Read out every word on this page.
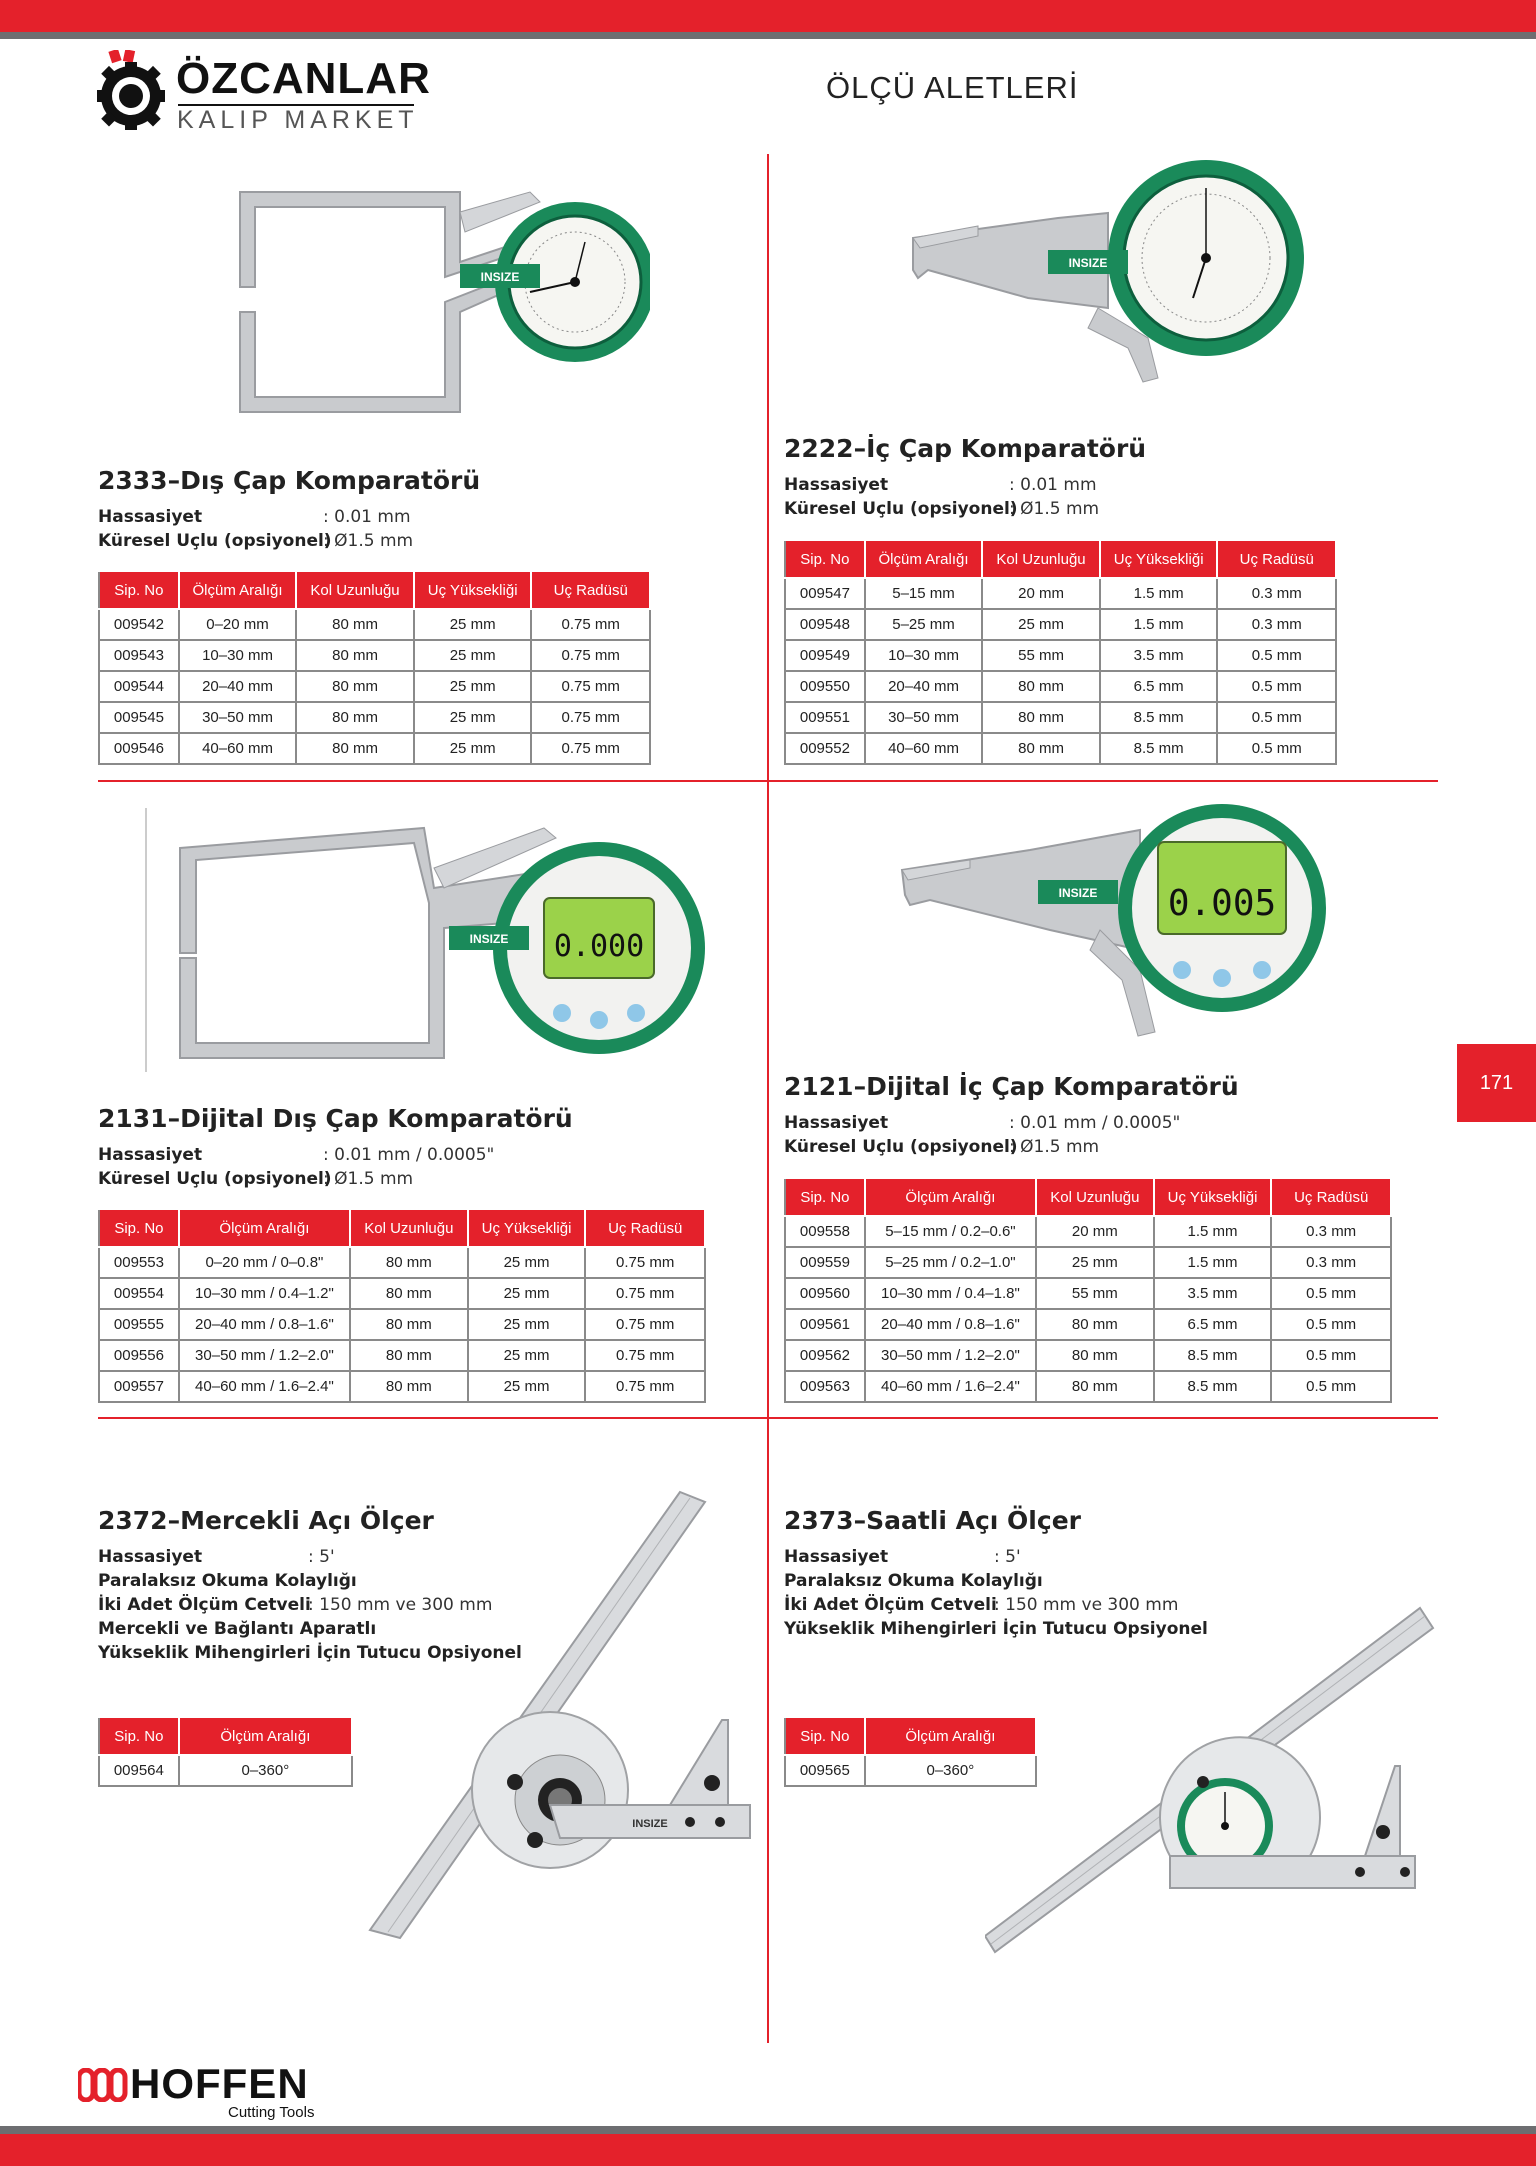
ÖZCANLAR
KALIP MARKET
ÖLÇÜ ALETLERİ
171
INSIZE
2333–Dış Çap Komparatörü
Hassasiyet	: 0.01 mm
Küresel Uçlu (opsiyonel)
: Ø1.5 mm
Sip. No	Ölçüm Aralığı	Kol Uzunluğu	Uç Yüksekliği	Uç Radüsü
009542	0–20 mm	80 mm	25 mm	0.75 mm
009543	10–30 mm	80 mm	25 mm	0.75 mm
009544	20–40 mm	80 mm	25 mm	0.75 mm
009545	30–50 mm	80 mm	25 mm	0.75 mm
009546	40–60 mm	80 mm	25 mm	0.75 mm
INSIZE
2222–İç Çap Komparatörü
Hassasiyet	: 0.01 mm
Küresel Uçlu (opsiyonel)
: Ø1.5 mm
Sip. No	Ölçüm Aralığı	Kol Uzunluğu	Uç Yüksekliği	Uç Radüsü
009547	5–15 mm	20 mm	1.5 mm	0.3 mm
009548	5–25 mm	25 mm	1.5 mm	0.3 mm
009549	10–30 mm	55 mm	3.5 mm	0.5 mm
009550	20–40 mm	80 mm	6.5 mm	0.5 mm
009551	30–50 mm	80 mm	8.5 mm	0.5 mm
009552	40–60 mm	80 mm	8.5 mm	0.5 mm
0.000
INSIZE
2131–Dijital Dış Çap Komparatörü
Hassasiyet	: 0.01 mm / 0.0005"
Küresel Uçlu (opsiyonel)
: Ø1.5 mm
Sip. No	Ölçüm Aralığı	Kol Uzunluğu	Uç Yüksekliği	Uç Radüsü
009553	0–20 mm / 0–0.8"	80 mm	25 mm	0.75 mm
009554	10–30 mm / 0.4–1.2"	80 mm	25 mm	0.75 mm
009555	20–40 mm / 0.8–1.6"	80 mm	25 mm	0.75 mm
009556	30–50 mm / 1.2–2.0"	80 mm	25 mm	0.75 mm
009557	40–60 mm / 1.6–2.4"	80 mm	25 mm	0.75 mm
0.005
INSIZE
2121–Dijital İç Çap Komparatörü
Hassasiyet	: 0.01 mm / 0.0005"
Küresel Uçlu (opsiyonel)
: Ø1.5 mm
Sip. No	Ölçüm Aralığı	Kol Uzunluğu	Uç Yüksekliği	Uç Radüsü
009558	5–15 mm / 0.2–0.6"	20 mm	1.5 mm	0.3 mm
009559	5–25 mm / 0.2–1.0"	25 mm	1.5 mm	0.3 mm
009560	10–30 mm / 0.4–1.8"	55 mm	3.5 mm	0.5 mm
009561	20–40 mm / 0.8–1.6"	80 mm	6.5 mm	0.5 mm
009562	30–50 mm / 1.2–2.0"	80 mm	8.5 mm	0.5 mm
009563	40–60 mm / 1.6–2.4"	80 mm	8.5 mm	0.5 mm
INSIZE
2372–Mercekli Açı Ölçer
Hassasiyet	: 5'
Paralaksız Okuma Kolaylığı
İki Adet Ölçüm Cetveli
: 150 mm ve 300 mm
Mercekli ve Bağlantı Aparatlı
Yükseklik Mihengirleri İçin Tutucu Opsiyonel
Sip. No	Ölçüm Aralığı
009564	0–360°
2373–Saatli Açı Ölçer
Hassasiyet	: 5'
Paralaksız Okuma Kolaylığı
İki Adet Ölçüm Cetveli
: 150 mm ve 300 mm
Yükseklik Mihengirleri İçin Tutucu Opsiyonel
Sip. No	Ölçüm Aralığı
009565	0–360°
HOFFEN
Cutting Tools
